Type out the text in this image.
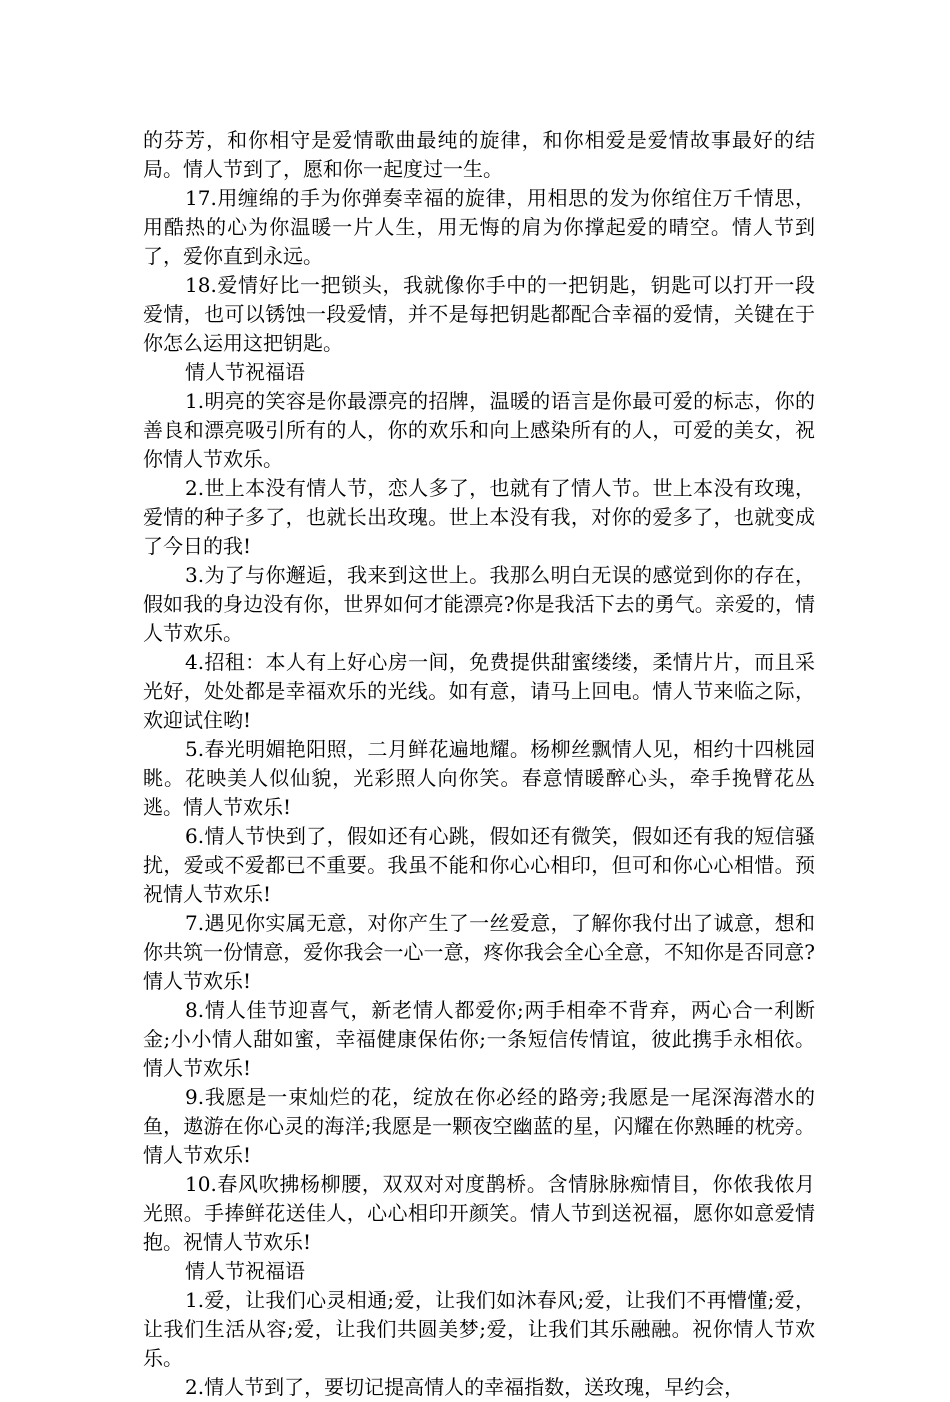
的芬芳，和你相守是爱情歌曲最纯的旋律，和你相爱是爱情故事最好的结局。情人节到了，愿和你一起度过一生。

17.用缠绵的手为你弹奏幸福的旋律，用相思的发为你绾住万千情思，用酷热的心为你温暖一片人生，用无悔的肩为你撑起爱的晴空。情人节到了，爱你直到永远。

18.爱情好比一把锁头，我就像你手中的一把钥匙，钥匙可以打开一段爱情，也可以锈蚀一段爱情，并不是每把钥匙都配合幸福的爱情，关键在于你怎么运用这把钥匙。

情人节祝福语

1.明亮的笑容是你最漂亮的招牌，温暖的语言是你最可爱的标志，你的善良和漂亮吸引所有的人，你的欢乐和向上感染所有的人，可爱的美女，祝你情人节欢乐。

2.世上本没有情人节，恋人多了，也就有了情人节。世上本没有玫瑰，爱情的种子多了，也就长出玫瑰。世上本没有我，对你的爱多了，也就变成了今日的我!

3.为了与你邂逅，我来到这世上。我那么明白无误的感觉到你的存在，假如我的身边没有你，世界如何才能漂亮?你是我活下去的勇气。亲爱的，情人节欢乐。

4.招租：本人有上好心房一间，免费提供甜蜜缕缕，柔情片片，而且采光好，处处都是幸福欢乐的光线。如有意，请马上回电。情人节来临之际，欢迎试住哟!

5.春光明媚艳阳照，二月鲜花遍地耀。杨柳丝飘情人见，相约十四桃园眺。花映美人似仙貌，光彩照人向你笑。春意情暖醉心头，牵手挽臂花丛逃。情人节欢乐!

6.情人节快到了，假如还有心跳，假如还有微笑，假如还有我的短信骚扰，爱或不爱都已不重要。我虽不能和你心心相印，但可和你心心相惜。预祝情人节欢乐!

7.遇见你实属无意，对你产生了一丝爱意，了解你我付出了诚意，想和你共筑一份情意，爱你我会一心一意，疼你我会全心全意，不知你是否同意?情人节欢乐!

8.情人佳节迎喜气，新老情人都爱你;两手相牵不背弃，两心合一利断金;小小情人甜如蜜，幸福健康保佑你;一条短信传情谊，彼此携手永相依。情人节欢乐!

9.我愿是一束灿烂的花，绽放在你必经的路旁;我愿是一尾深海潜水的鱼，遨游在你心灵的海洋;我愿是一颗夜空幽蓝的星，闪耀在你熟睡的枕旁。情人节欢乐!

10.春风吹拂杨柳腰，双双对对度鹊桥。含情脉脉痴情目，你侬我侬月光照。手捧鲜花送佳人，心心相印开颜笑。情人节到送祝福，愿你如意爱情抱。祝情人节欢乐!

情人节祝福语

1.爱，让我们心灵相通;爱，让我们如沐春风;爱，让我们不再懵懂;爱，让我们生活从容;爱，让我们共圆美梦;爱，让我们其乐融融。祝你情人节欢乐。

2.情人节到了，要切记提高情人的幸福指数，送玫瑰，早约会，
